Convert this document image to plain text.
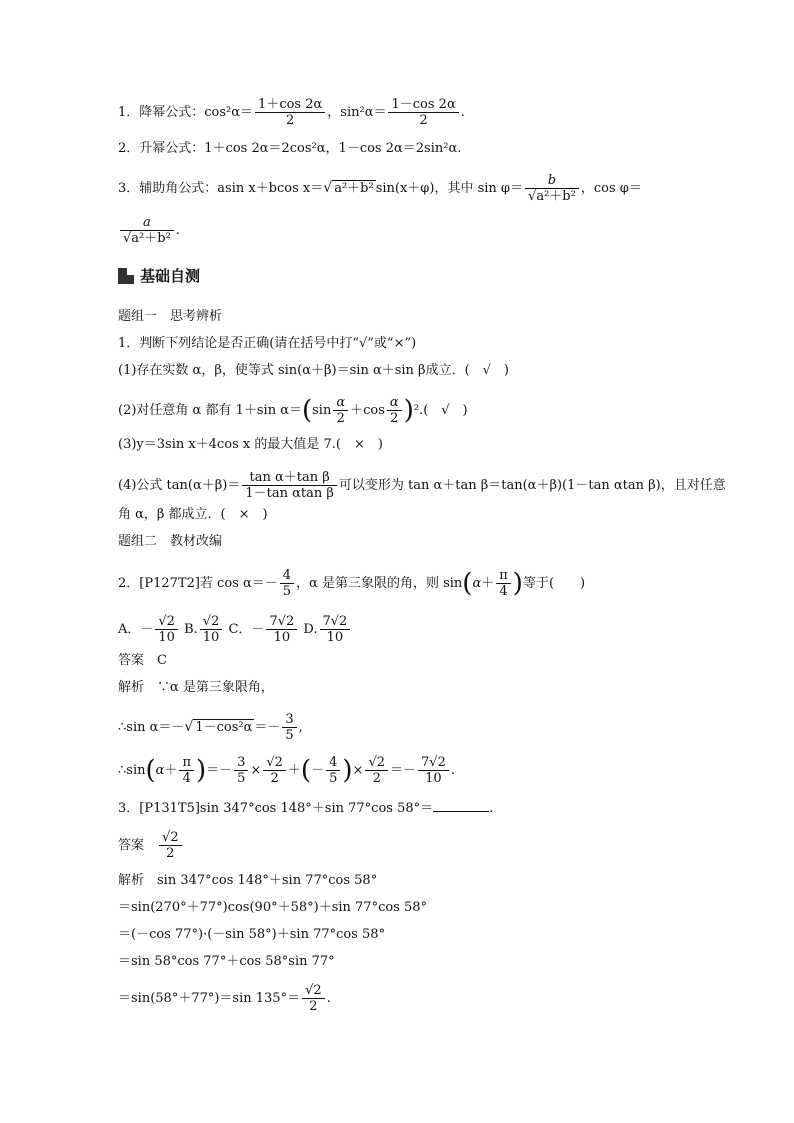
1．降幂公式：$\cos^2\alpha= \frac{1+\cos 2\alpha}{2}$ ，$\sin^2\alpha= \frac{1-\cos 2\alpha}{2}$ .
2．升幂公式：1＋cos 2α＝2cos²α，1－cos 2α＝2sin²α.
3．辅助角公式：asin x＋bcos x＝√ a²＋b² sin(x＋φ)，其中 $\sin \varphi= \frac{b}{\text{√a²＋b²}}$ ，cos φ＝
$\frac{a}{\text{√a²＋b²}}$ .
基础自测
题组一　思考辨析
1．判断下列结论是否正确(请在括号中打“√”或“×”)
(1)存在实数 α，β，使等式 sin(α＋β)＝sin α＋sin β成立．(　√　)
(2)对任意角 α 都有 1＋sin $\alpha=(\sin \frac{\alpha}{2} +\cos \frac{\alpha}{2} )^2$.(　√　)
(3)y＝3sin x＋4cos x 的最大值是 7.(　×　)
(4)公式 $\tan(\alpha+\beta)= \frac{\text{tan α＋tan β}}{\text{1－tan αtan β}}$ 可以变形为 tan α＋tan β＝tan(α＋β)(1－tan αtan β)，且对任意
角 α，β 都成立．(　×　)
题组二　教材改编
2．[P127T2]若 $\cos \alpha=- \frac{4}{5}$ ，α 是第三象限的角，则 $\sin(\alpha+ \frac{\pi}{4}$ )等于(　　)
A．－ $\frac{√2}{10} B$. $\frac{√2}{10}$ C．－ $\frac{7√2}{10} D$. $\frac{7√2}{10}$
答案　C
解析　∵α 是第三象限角，
∴sin α＝－√ $1-\cos^2\alpha =- \frac{3}{5}$ ,
∴sin(α＋ $\frac{\pi}{4}$ )＝－ $\frac{3}{5} \times \frac{√2}{2}$ ＋(－ $\frac{4}{5}$ )× $\frac{√2}{2} =- \frac{7√2}{10}$ .
3．[P131T5]sin 347°cos 148°＋sin 77°cos 58°＝	.
答案　 $\frac{√2}{2}$
解析　sin 347°cos 148°＋sin 77°cos 58°
＝sin(270°＋77°)cos(90°＋58°)＋sin 77°cos 58°
＝(－cos 77°)·(－sin 58°)＋sin 77°cos 58°
＝sin 58°cos 77°＋cos 58°sin 77°
＝sin(58°＋77°)＝sin $135^\circ= \frac{√2}{2}$ .
